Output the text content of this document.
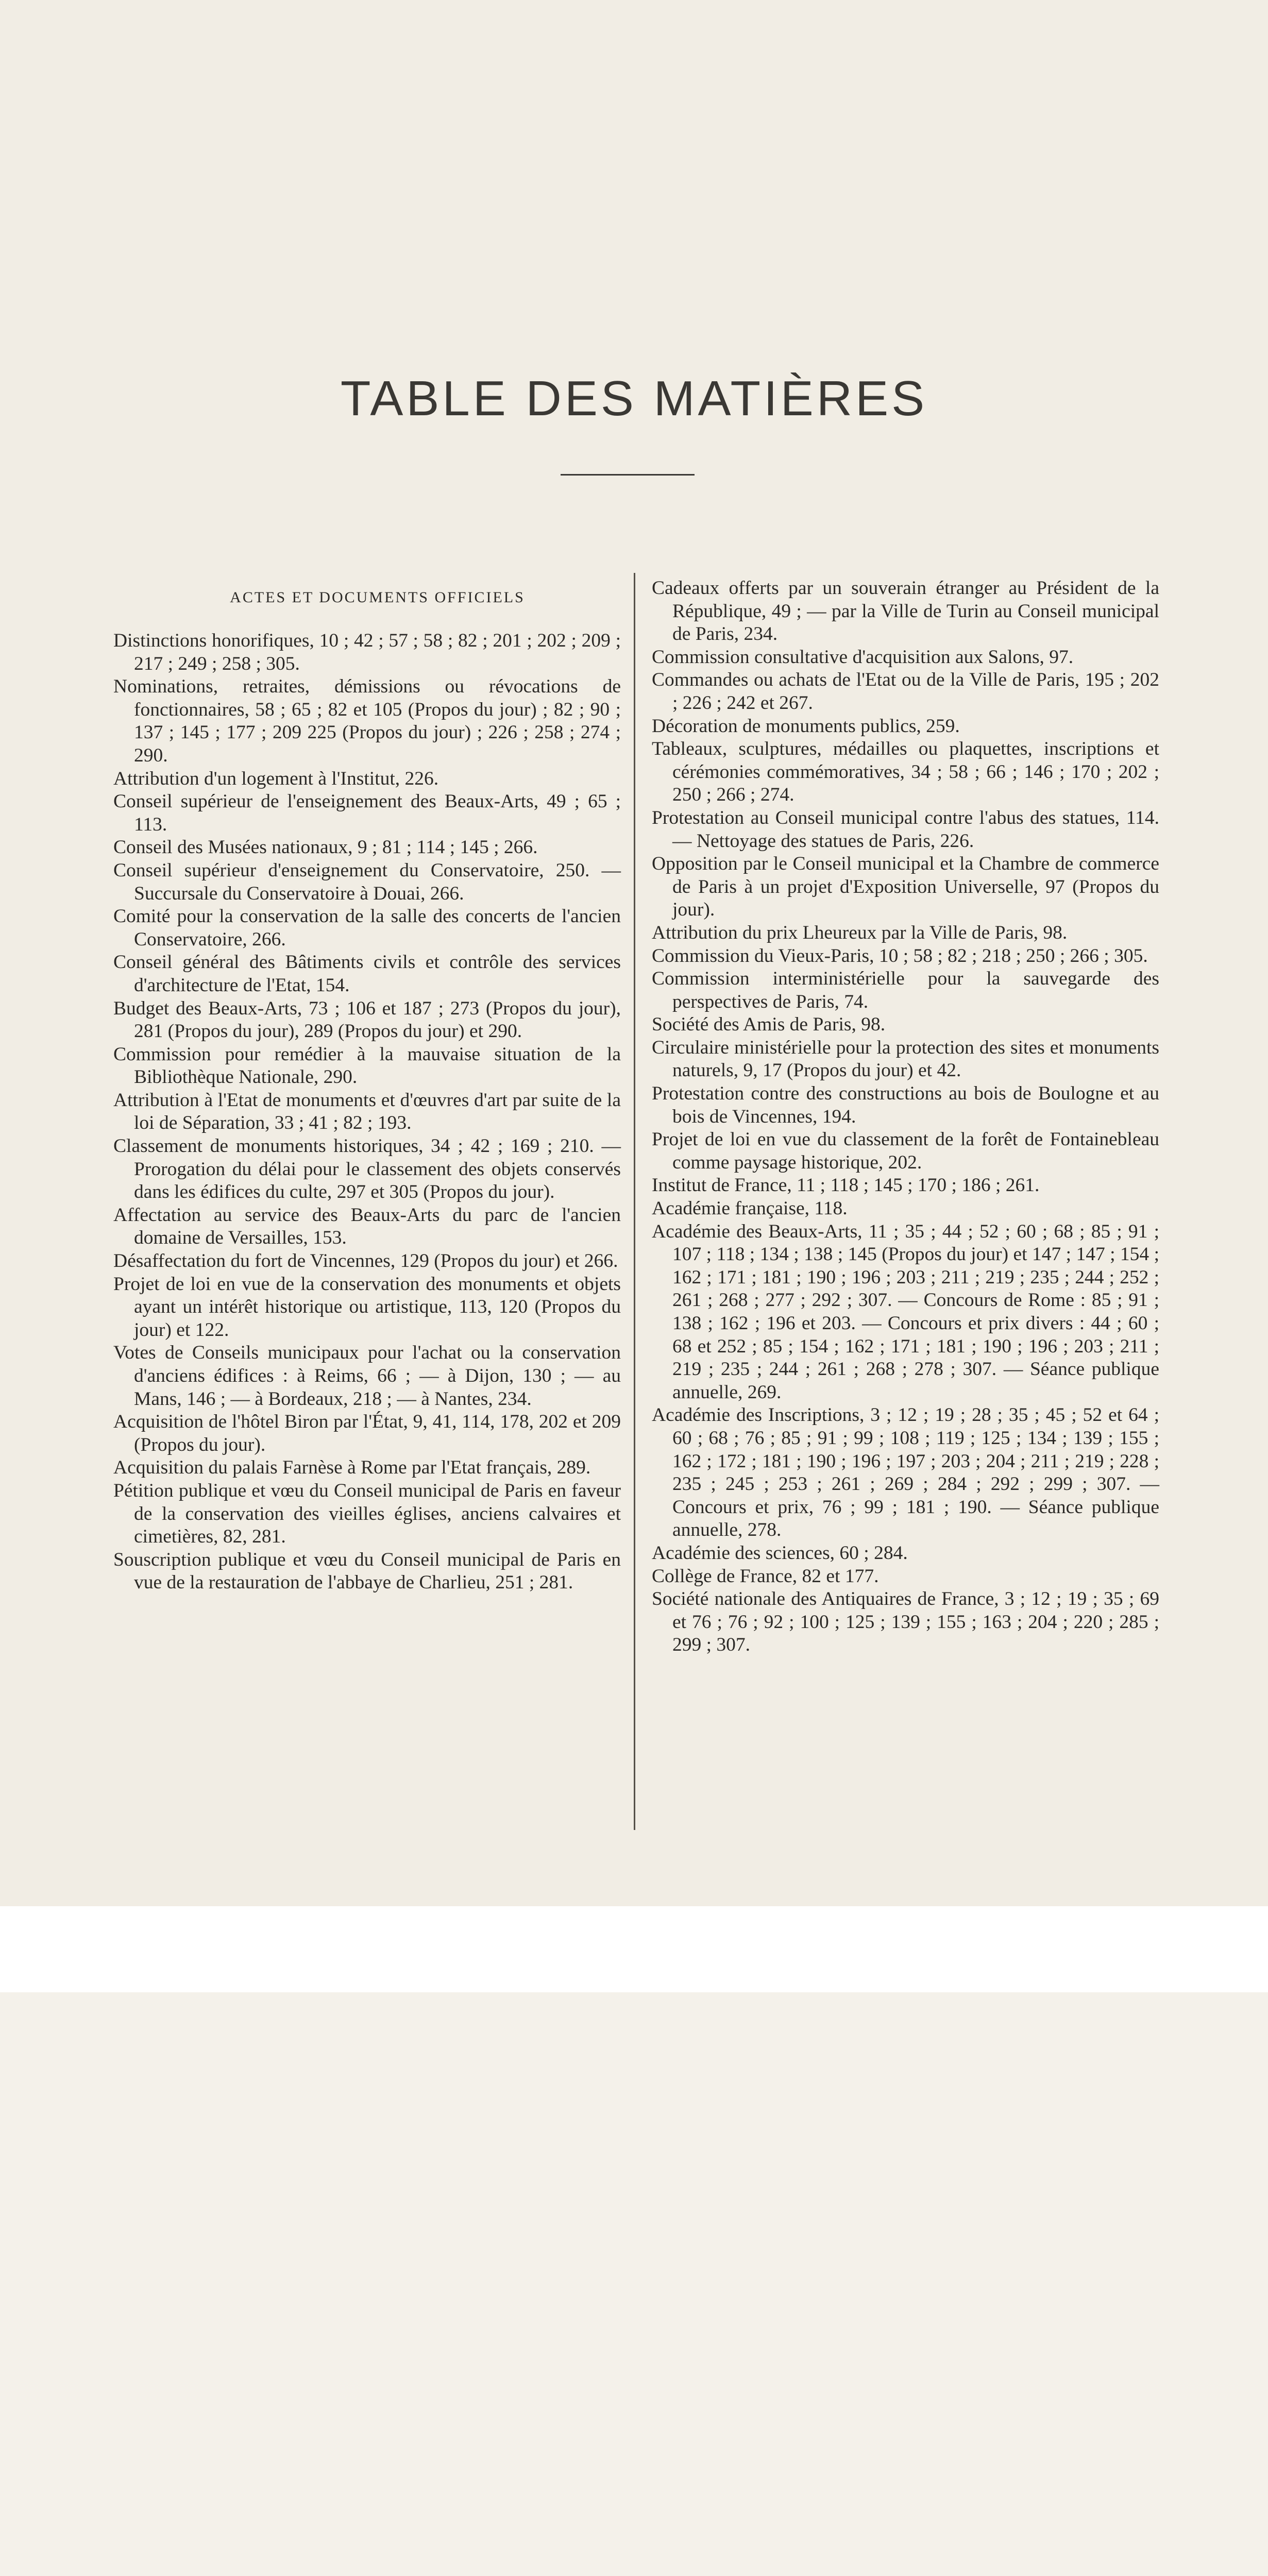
TABLE DES MATIÈRES
ACTES ET DOCUMENTS OFFICIELS

Distinctions honorifiques, 10 ; 42 ; 57 ; 58 ; 82 ; 201 ; 202 ; 209 ; 217 ; 249 ; 258 ; 305.

Nominations, retraites, démissions ou révocations de fonctionnaires, 58 ; 65 ; 82 et 105 (Propos du jour) ; 82 ; 90 ; 137 ; 145 ; 177 ; 209 225 (Propos du jour) ; 226 ; 258 ; 274 ; 290.

Attribution d'un logement à l'Institut, 226.

Conseil supérieur de l'enseignement des Beaux-Arts, 49 ; 65 ; 113.

Conseil des Musées nationaux, 9 ; 81 ; 114 ; 145 ; 266.

Conseil supérieur d'enseignement du Conservatoire, 250. — Succursale du Conservatoire à Douai, 266.

Comité pour la conservation de la salle des concerts de l'ancien Conservatoire, 266.

Conseil général des Bâtiments civils et contrôle des services d'architecture de l'Etat, 154.

Budget des Beaux-Arts, 73 ; 106 et 187 ; 273 (Propos du jour), 281 (Propos du jour), 289 (Propos du jour) et 290.

Commission pour remédier à la mauvaise situation de la Bibliothèque Nationale, 290.

Attribution à l'Etat de monuments et d'œuvres d'art par suite de la loi de Séparation, 33 ; 41 ; 82 ; 193.

Classement de monuments historiques, 34 ; 42 ; 169 ; 210. — Prorogation du délai pour le classement des objets conservés dans les édifices du culte, 297 et 305 (Propos du jour).

Affectation au service des Beaux-Arts du parc de l'ancien domaine de Versailles, 153.

Désaffectation du fort de Vincennes, 129 (Propos du jour) et 266.

Projet de loi en vue de la conservation des monuments et objets ayant un intérêt historique ou artistique, 113, 120 (Propos du jour) et 122.

Votes de Conseils municipaux pour l'achat ou la conservation d'anciens édifices : à Reims, 66 ; — à Dijon, 130 ; — au Mans, 146 ; — à Bordeaux, 218 ; — à Nantes, 234.

Acquisition de l'hôtel Biron par l'État, 9, 41, 114, 178, 202 et 209 (Propos du jour).

Acquisition du palais Farnèse à Rome par l'Etat français, 289.

Pétition publique et vœu du Conseil municipal de Paris en faveur de la conservation des vieilles églises, anciens calvaires et cimetières, 82, 281.

Souscription publique et vœu du Conseil municipal de Paris en vue de la restauration de l'abbaye de Charlieu, 251 ; 281.

Cadeaux offerts par un souverain étranger au Président de la République, 49 ; — par la Ville de Turin au Conseil municipal de Paris, 234.

Commission consultative d'acquisition aux Salons, 97.

Commandes ou achats de l'Etat ou de la Ville de Paris, 195 ; 202 ; 226 ; 242 et 267.

Décoration de monuments publics, 259.

Tableaux, sculptures, médailles ou plaquettes, inscriptions et cérémonies commémoratives, 34 ; 58 ; 66 ; 146 ; 170 ; 202 ; 250 ; 266 ; 274.

Protestation au Conseil municipal contre l'abus des statues, 114. — Nettoyage des statues de Paris, 226.

Opposition par le Conseil municipal et la Chambre de commerce de Paris à un projet d'Exposition Universelle, 97 (Propos du jour).

Attribution du prix Lheureux par la Ville de Paris, 98.

Commission du Vieux-Paris, 10 ; 58 ; 82 ; 218 ; 250 ; 266 ; 305.

Commission interministérielle pour la sauvegarde des perspectives de Paris, 74.

Société des Amis de Paris, 98.

Circulaire ministérielle pour la protection des sites et monuments naturels, 9, 17 (Propos du jour) et 42.

Protestation contre des constructions au bois de Boulogne et au bois de Vincennes, 194.

Projet de loi en vue du classement de la forêt de Fontainebleau comme paysage historique, 202.

Institut de France, 11 ; 118 ; 145 ; 170 ; 186 ; 261.

Académie française, 118.

Académie des Beaux-Arts, 11 ; 35 ; 44 ; 52 ; 60 ; 68 ; 85 ; 91 ; 107 ; 118 ; 134 ; 138 ; 145 (Propos du jour) et 147 ; 147 ; 154 ; 162 ; 171 ; 181 ; 190 ; 196 ; 203 ; 211 ; 219 ; 235 ; 244 ; 252 ; 261 ; 268 ; 277 ; 292 ; 307. — Concours de Rome : 85 ; 91 ; 138 ; 162 ; 196 et 203. — Concours et prix divers : 44 ; 60 ; 68 et 252 ; 85 ; 154 ; 162 ; 171 ; 181 ; 190 ; 196 ; 203 ; 211 ; 219 ; 235 ; 244 ; 261 ; 268 ; 278 ; 307. — Séance publique annuelle, 269.

Académie des Inscriptions, 3 ; 12 ; 19 ; 28 ; 35 ; 45 ; 52 et 64 ; 60 ; 68 ; 76 ; 85 ; 91 ; 99 ; 108 ; 119 ; 125 ; 134 ; 139 ; 155 ; 162 ; 172 ; 181 ; 190 ; 196 ; 197 ; 203 ; 204 ; 211 ; 219 ; 228 ; 235 ; 245 ; 253 ; 261 ; 269 ; 284 ; 292 ; 299 ; 307. — Concours et prix, 76 ; 99 ; 181 ; 190. — Séance publique annuelle, 278.

Académie des sciences, 60 ; 284.

Collège de France, 82 et 177.

Société nationale des Antiquaires de France, 3 ; 12 ; 19 ; 35 ; 69 et 76 ; 76 ; 92 ; 100 ; 125 ; 139 ; 155 ; 163 ; 204 ; 220 ; 285 ; 299 ; 307.
